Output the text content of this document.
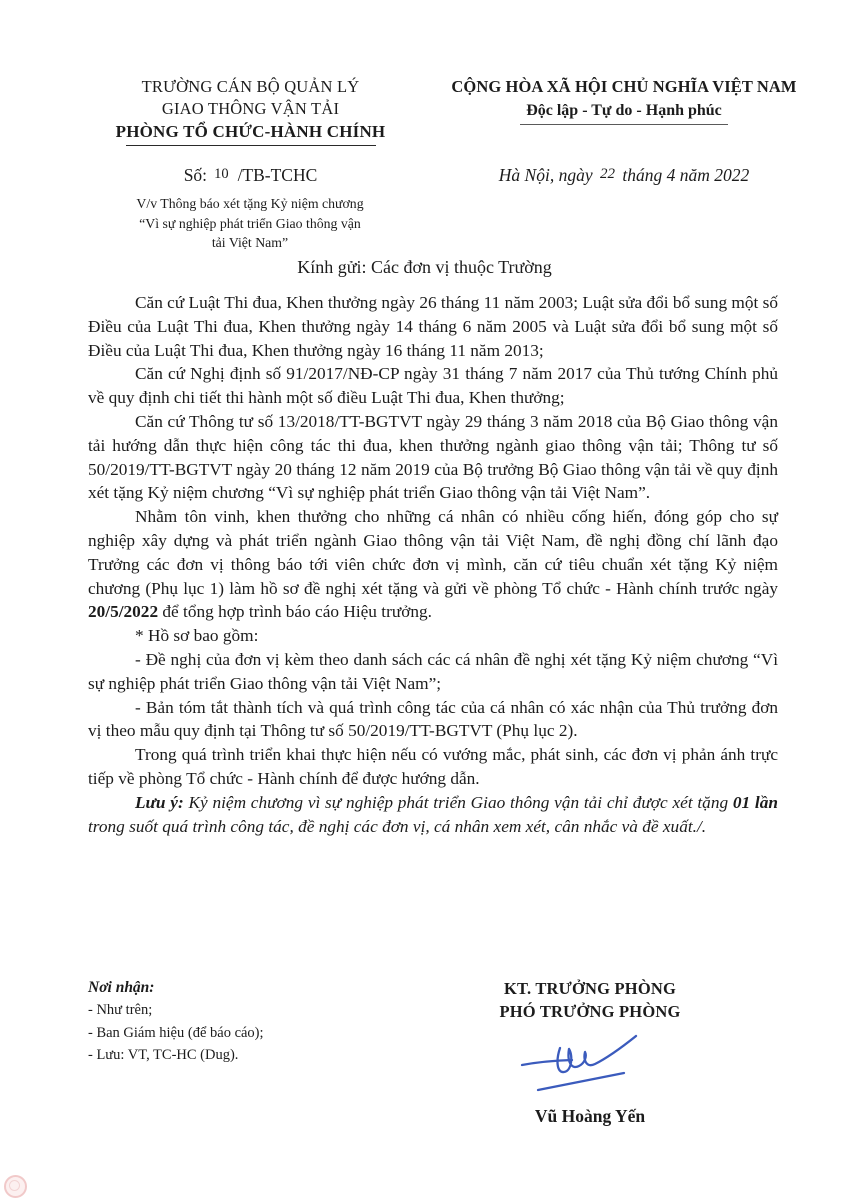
TRƯỜNG CÁN BỘ QUẢN LÝ
GIAO THÔNG VẬN TẢI
PHÒNG TỔ CHỨC-HÀNH CHÍNH
CỘNG HÒA XÃ HỘI CHỦ NGHĨA VIỆT NAM
Độc lập - Tự do - Hạnh phúc
Số: 10 /TB-TCHC	Hà Nội, ngày 22 tháng 4 năm 2022
V/v Thông báo xét tặng Kỷ niệm chương
“Vì sự nghiệp phát triển Giao thông vận
tải Việt Nam”
Kính gửi: Các đơn vị thuộc Trường

Căn cứ Luật Thi đua, Khen thưởng ngày 26 tháng 11 năm 2003; Luật sửa đổi bổ sung một số Điều của Luật Thi đua, Khen thưởng ngày 14 tháng 6 năm 2005 và Luật sửa đổi bổ sung một số Điều của Luật Thi đua, Khen thưởng ngày 16 tháng 11 năm 2013;

Căn cứ Nghị định số 91/2017/NĐ-CP ngày 31 tháng 7 năm 2017 của Thủ tướng Chính phủ về quy định chi tiết thi hành một số điều Luật Thi đua, Khen thưởng;

Căn cứ Thông tư số 13/2018/TT-BGTVT ngày 29 tháng 3 năm 2018 của Bộ Giao thông vận tải hướng dẫn thực hiện công tác thi đua, khen thưởng ngành giao thông vận tải; Thông tư số 50/2019/TT-BGTVT ngày 20 tháng 12 năm 2019 của Bộ trưởng Bộ Giao thông vận tải về quy định xét tặng Kỷ niệm chương “Vì sự nghiệp phát triển Giao thông vận tải Việt Nam”.

Nhằm tôn vinh, khen thưởng cho những cá nhân có nhiều cống hiến, đóng góp cho sự nghiệp xây dựng và phát triển ngành Giao thông vận tải Việt Nam, đề nghị đồng chí lãnh đạo Trưởng các đơn vị thông báo tới viên chức đơn vị mình, căn cứ tiêu chuẩn xét tặng Kỷ niệm chương (Phụ lục 1) làm hồ sơ đề nghị xét tặng và gửi về phòng Tổ chức - Hành chính trước ngày 20/5/2022 để tổng hợp trình báo cáo Hiệu trưởng.

* Hồ sơ bao gồm:

- Đề nghị của đơn vị kèm theo danh sách các cá nhân đề nghị xét tặng Kỷ niệm chương “Vì sự nghiệp phát triển Giao thông vận tải Việt Nam”;

- Bản tóm tắt thành tích và quá trình công tác của cá nhân có xác nhận của Thủ trưởng đơn vị theo mẫu quy định tại Thông tư số 50/2019/TT-BGTVT (Phụ lục 2).

Trong quá trình triển khai thực hiện nếu có vướng mắc, phát sinh, các đơn vị phản ánh trực tiếp về phòng Tổ chức - Hành chính để được hướng dẫn.

Lưu ý: Kỷ niệm chương vì sự nghiệp phát triển Giao thông vận tải chỉ được xét tặng 01 lần trong suốt quá trình công tác, đề nghị các đơn vị, cá nhân xem xét, cân nhắc và đề xuất./.

Nơi nhận:
- Như trên;
- Ban Giám hiệu (để báo cáo);
- Lưu: VT, TC-HC (Dug).
KT. TRƯỞNG PHÒNG
PHÓ TRƯỞNG PHÒNG
Vũ Hoàng Yến
